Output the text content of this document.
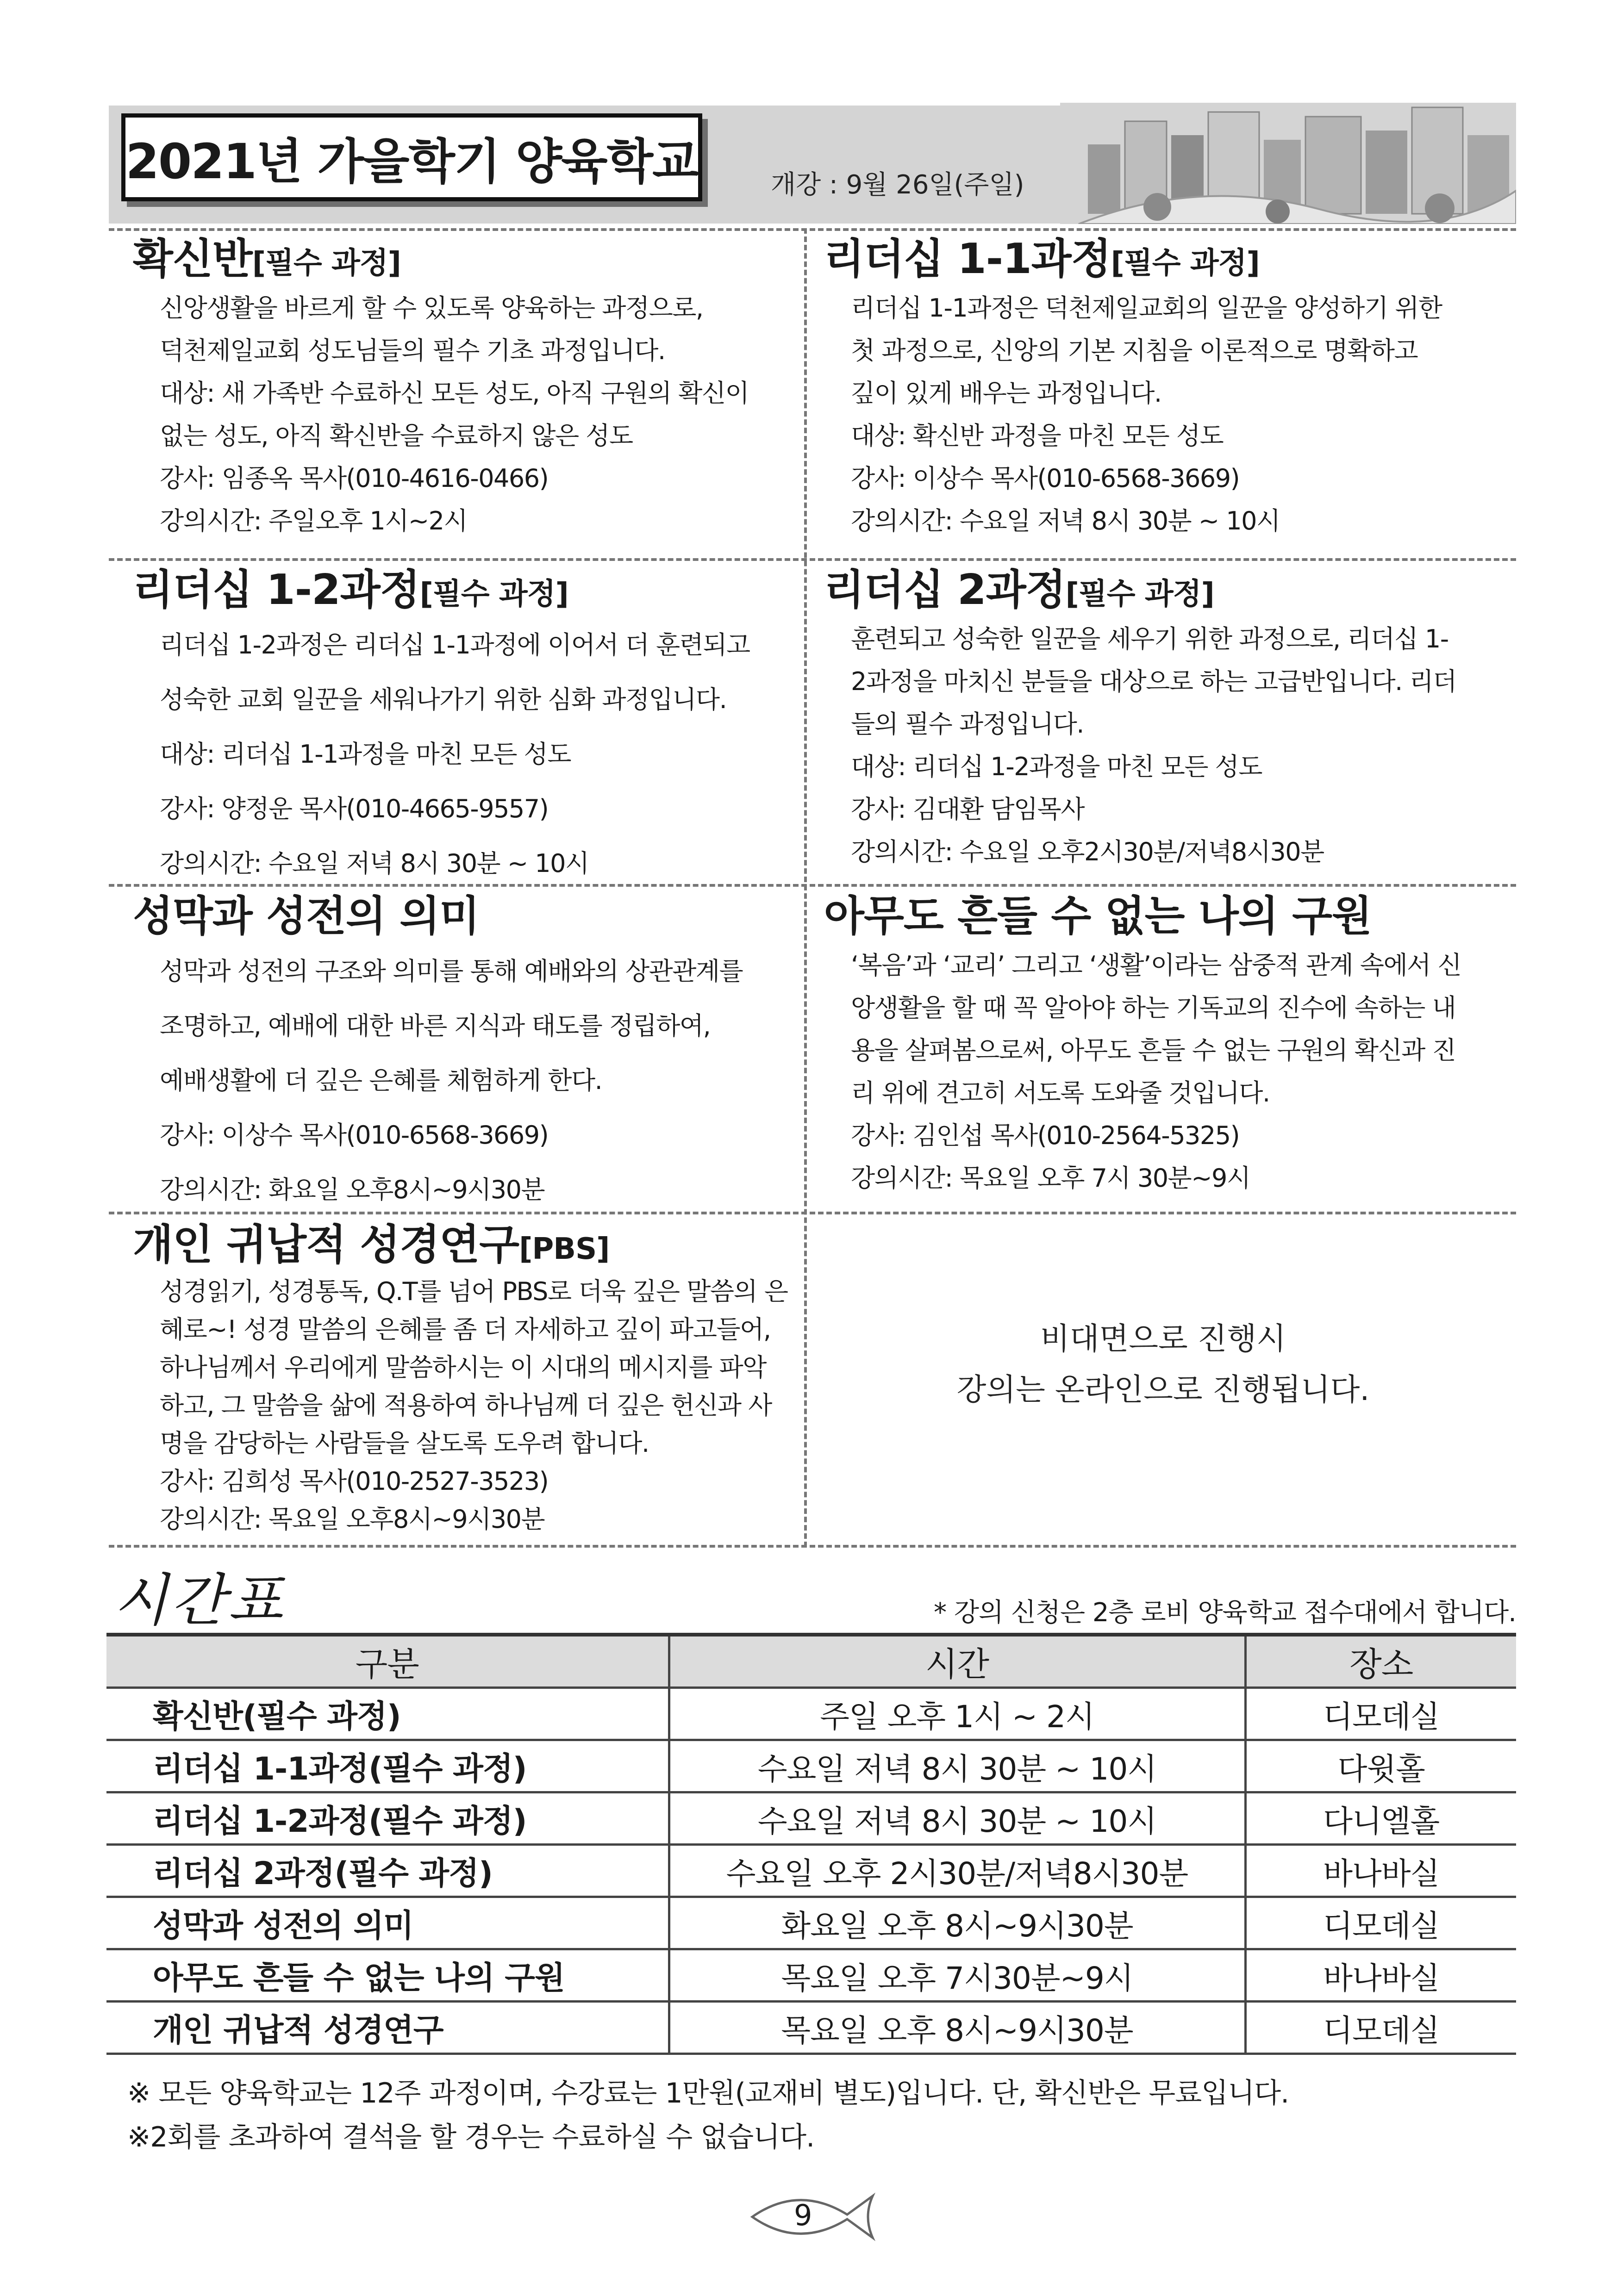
2021년 가을학기 양육학교	개강 : 9월 26일(주일)
확신반[필수 과정]
신앙생활을 바르게 할 수 있도록 양육하는 과정으로,
덕천제일교회 성도님들의 필수 기초 과정입니다.
대상: 새 가족반 수료하신 모든 성도, 아직 구원의 확신이
없는 성도, 아직 확신반을 수료하지 않은 성도
강사: 임종옥 목사(010-4616-0466)
강의시간: 주일오후 1시~2시
리더십 1-1과정[필수 과정]
리더십 1-1과정은 덕천제일교회의 일꾼을 양성하기 위한
첫 과정으로, 신앙의 기본 지침을 이론적으로 명확하고
깊이 있게 배우는 과정입니다.
대상: 확신반 과정을 마친 모든 성도
강사: 이상수 목사(010-6568-3669)
강의시간: 수요일 저녁 8시 30분 ~ 10시
리더십 1-2과정[필수 과정]
리더십 1-2과정은 리더십 1-1과정에 이어서 더 훈련되고
성숙한 교회 일꾼을 세워나가기 위한 심화 과정입니다.
대상: 리더십 1-1과정을 마친 모든 성도
강사: 양정운 목사(010-4665-9557)
강의시간: 수요일 저녁 8시 30분 ~ 10시
리더십 2과정[필수 과정]
훈련되고 성숙한 일꾼을 세우기 위한 과정으로, 리더십 1-
2과정을 마치신 분들을 대상으로 하는 고급반입니다. 리더
들의 필수 과정입니다.
대상: 리더십 1-2과정을 마친 모든 성도
강사: 김대환 담임목사
강의시간: 수요일 오후2시30분/저녁8시30분
성막과 성전의 의미
성막과 성전의 구조와 의미를 통해 예배와의 상관관계를
조명하고, 예배에 대한 바른 지식과 태도를 정립하여,
예배생활에 더 깊은 은혜를 체험하게 한다.
강사: 이상수 목사(010-6568-3669)
강의시간: 화요일 오후8시~9시30분
아무도 흔들 수 없는 나의 구원
‘복음’과 ‘교리’ 그리고 ‘생활’이라는 삼중적 관계 속에서 신
앙생활을 할 때 꼭 알아야 하는 기독교의 진수에 속하는 내
용을 살펴봄으로써, 아무도 흔들 수 없는 구원의 확신과 진
리 위에 견고히 서도록 도와줄 것입니다.
강사: 김인섭 목사(010-2564-5325)
강의시간: 목요일 오후 7시 30분~9시
개인 귀납적 성경연구[PBS]
성경읽기, 성경통독, Q.T를 넘어 PBS로 더욱 깊은 말씀의 은
혜로~! 성경 말씀의 은혜를 좀 더 자세하고 깊이 파고들어,
하나님께서 우리에게 말씀하시는 이 시대의 메시지를 파악
하고, 그 말씀을 삶에 적용하여 하나님께 더 깊은 헌신과 사
명을 감당하는 사람들을 살도록 도우려 합니다.
강사: 김희성 목사(010-2527-3523)
강의시간: 목요일 오후8시~9시30분
비대면으로 진행시
강의는 온라인으로 진행됩니다.
시간표	* 강의 신청은 2층 로비 양육학교 접수대에서 합니다.
구분	시간	장소
확신반(필수 과정)	주일 오후 1시 ~ 2시	디모데실
리더십 1-1과정(필수 과정)	수요일 저녁 8시 30분 ~ 10시	다윗홀
리더십 1-2과정(필수 과정)	수요일 저녁 8시 30분 ~ 10시	다니엘홀
리더십 2과정(필수 과정)	수요일 오후 2시30분/저녁8시30분	바나바실
성막과 성전의 의미	화요일 오후 8시~9시30분	디모데실
아무도 흔들 수 없는 나의 구원	목요일 오후 7시30분~9시	바나바실
개인 귀납적 성경연구	목요일 오후 8시~9시30분	디모데실
※ 모든 양육학교는 12주 과정이며, 수강료는 1만원(교재비 별도)입니다. 단, 확신반은 무료입니다.
※2회를 초과하여 결석을 할 경우는 수료하실 수 없습니다.
9
